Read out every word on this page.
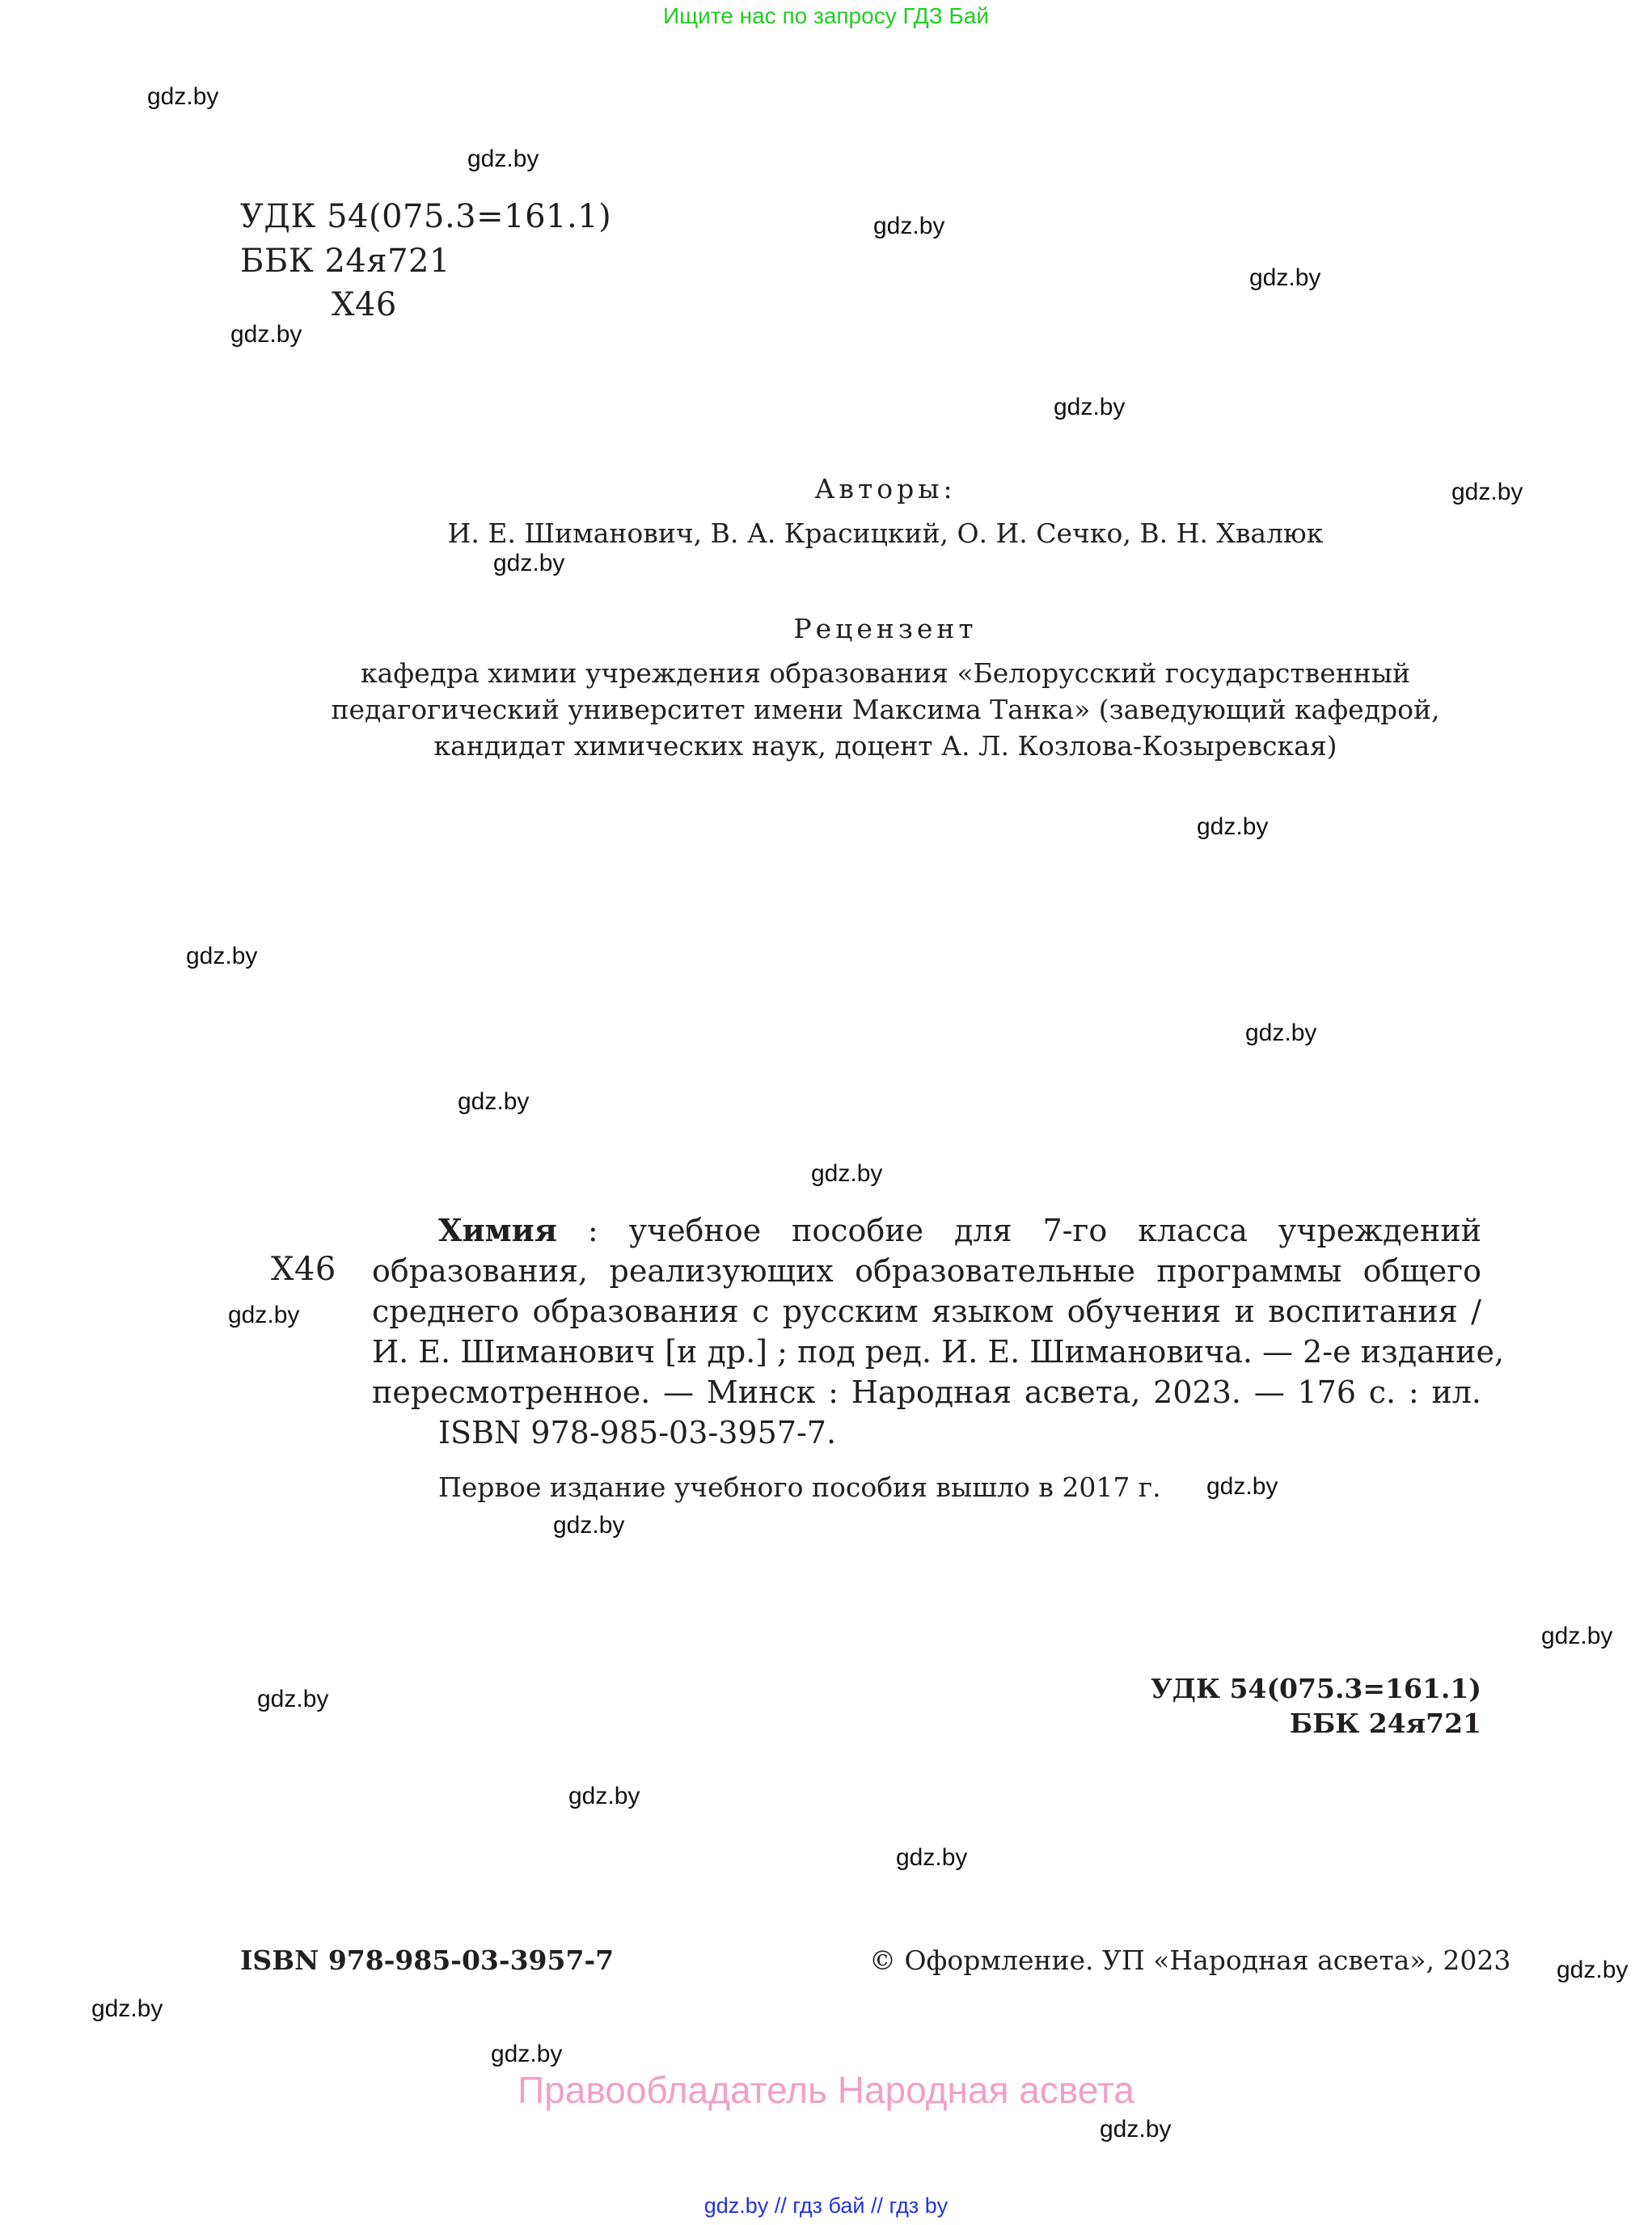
Ищите нас по запросу ГДЗ Бай
gdz.by
gdz.by
gdz.by
gdz.by
gdz.by
gdz.by
gdz.by
gdz.by
gdz.by
gdz.by
gdz.by
gdz.by
gdz.by
gdz.by
gdz.by
gdz.by
gdz.by
gdz.by
gdz.by
gdz.by
gdz.by
gdz.by
gdz.by
gdz.by
УДК 54(075.3=161.1)
ББК 24я721
Х46
Авторы:
И. Е. Шиманович, В. А. Красицкий, О. И. Сечко, В. Н. Хвалюк
Рецензент
кафедра химии учреждения образования «Белорусский государственный
педагогический университет имени Максима Танка» (заведующий кафедрой,
кандидат химических наук, доцент А. Л. Козлова-Козыревская)
Х46
Химия : учебное пособие для 7-го класса учреждений
образования, реализующих образовательные программы общего
среднего образования с русским языком обучения и воспитания /
И. Е. Шиманович [и др.] ; под ред. И. Е. Шимановича. — 2-е издание,
пересмотренное. — Минск : Народная асвета, 2023. — 176 с. : ил.
ISBN 978-985-03-3957-7.
Первое издание учебного пособия вышло в 2017 г.
УДК 54(075.3=161.1)
ББК 24я721
ISBN 978-985-03-3957-7	© Оформление. УП «Народная асвета», 2023
Правообладатель Народная асвета
gdz.by // гдз бай // гдз by
